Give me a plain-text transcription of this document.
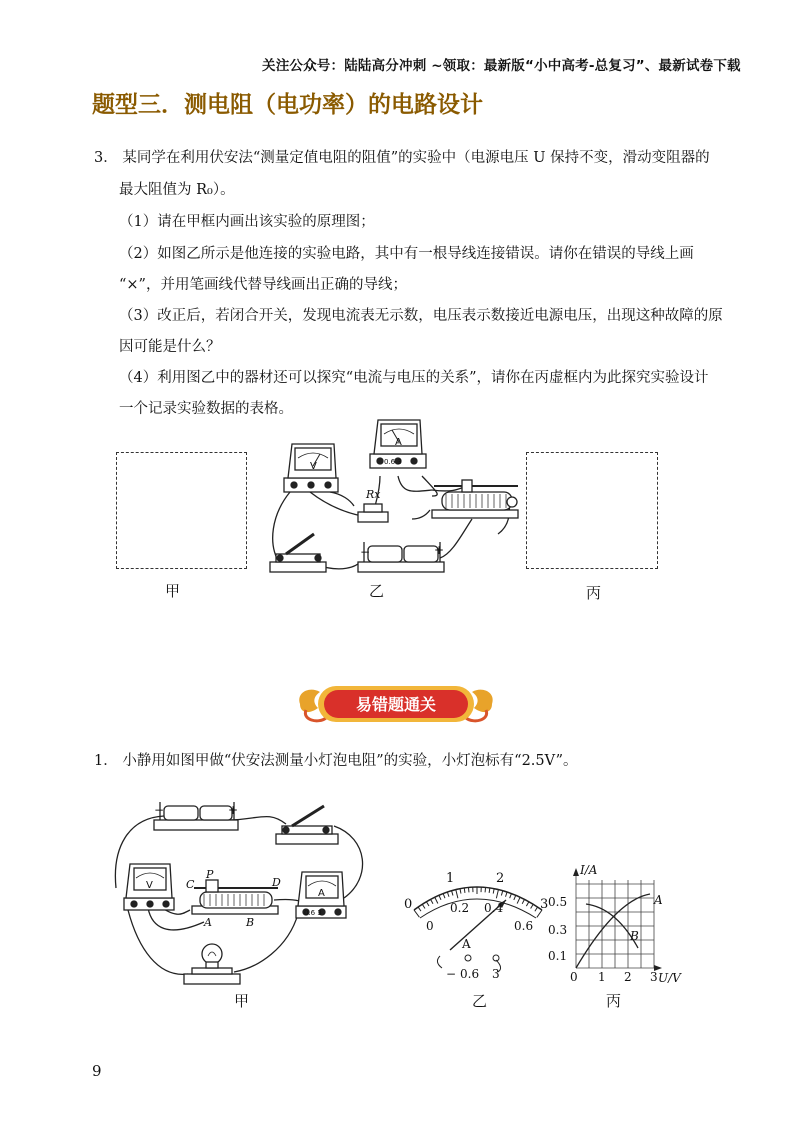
关注公众号：陆陆高分冲刺 ~领取：最新版“小中高考-总复习”、最新试卷下载
题型三．测电阻（电功率）的电路设计
3． 某同学在利用伏安法“测量定值电阻的阻值”的实验中（电源电压 U 保持不变，滑动变阻器的
最大阻值为 R₀）。
（1）请在甲框内画出该实验的原理图；
（2）如图乙所示是他连接的实验电路，其中有一根导线连接错误。请你在错误的导线上画
“×”，并用笔画线代替导线画出正确的导线；
（3）改正后，若闭合开关，发现电流表无示数，电压表示数接近电源电压，出现这种故障的原
因可能是什么？
（4）利用图乙中的器材还可以探究“电流与电压的关系”，请你在丙虚框内为此探究实验设计
一个记录实验数据的表格。
V
A
0.6 3
Rx
−	+
甲	乙	丙
易错题通关
1． 小静用如图甲做“伏安法测量小灯泡电阻”的实验，小灯泡标有“2.5V”。
−	+
V	C
P
D
A	B
A
0.6 3
0
1	2
3
0
0.2 0.4
0.6
A
− 0.6 3
I/A
U/V
0.5
0.3
0.1
0 1 2 3
A
B
甲	乙	丙
9
